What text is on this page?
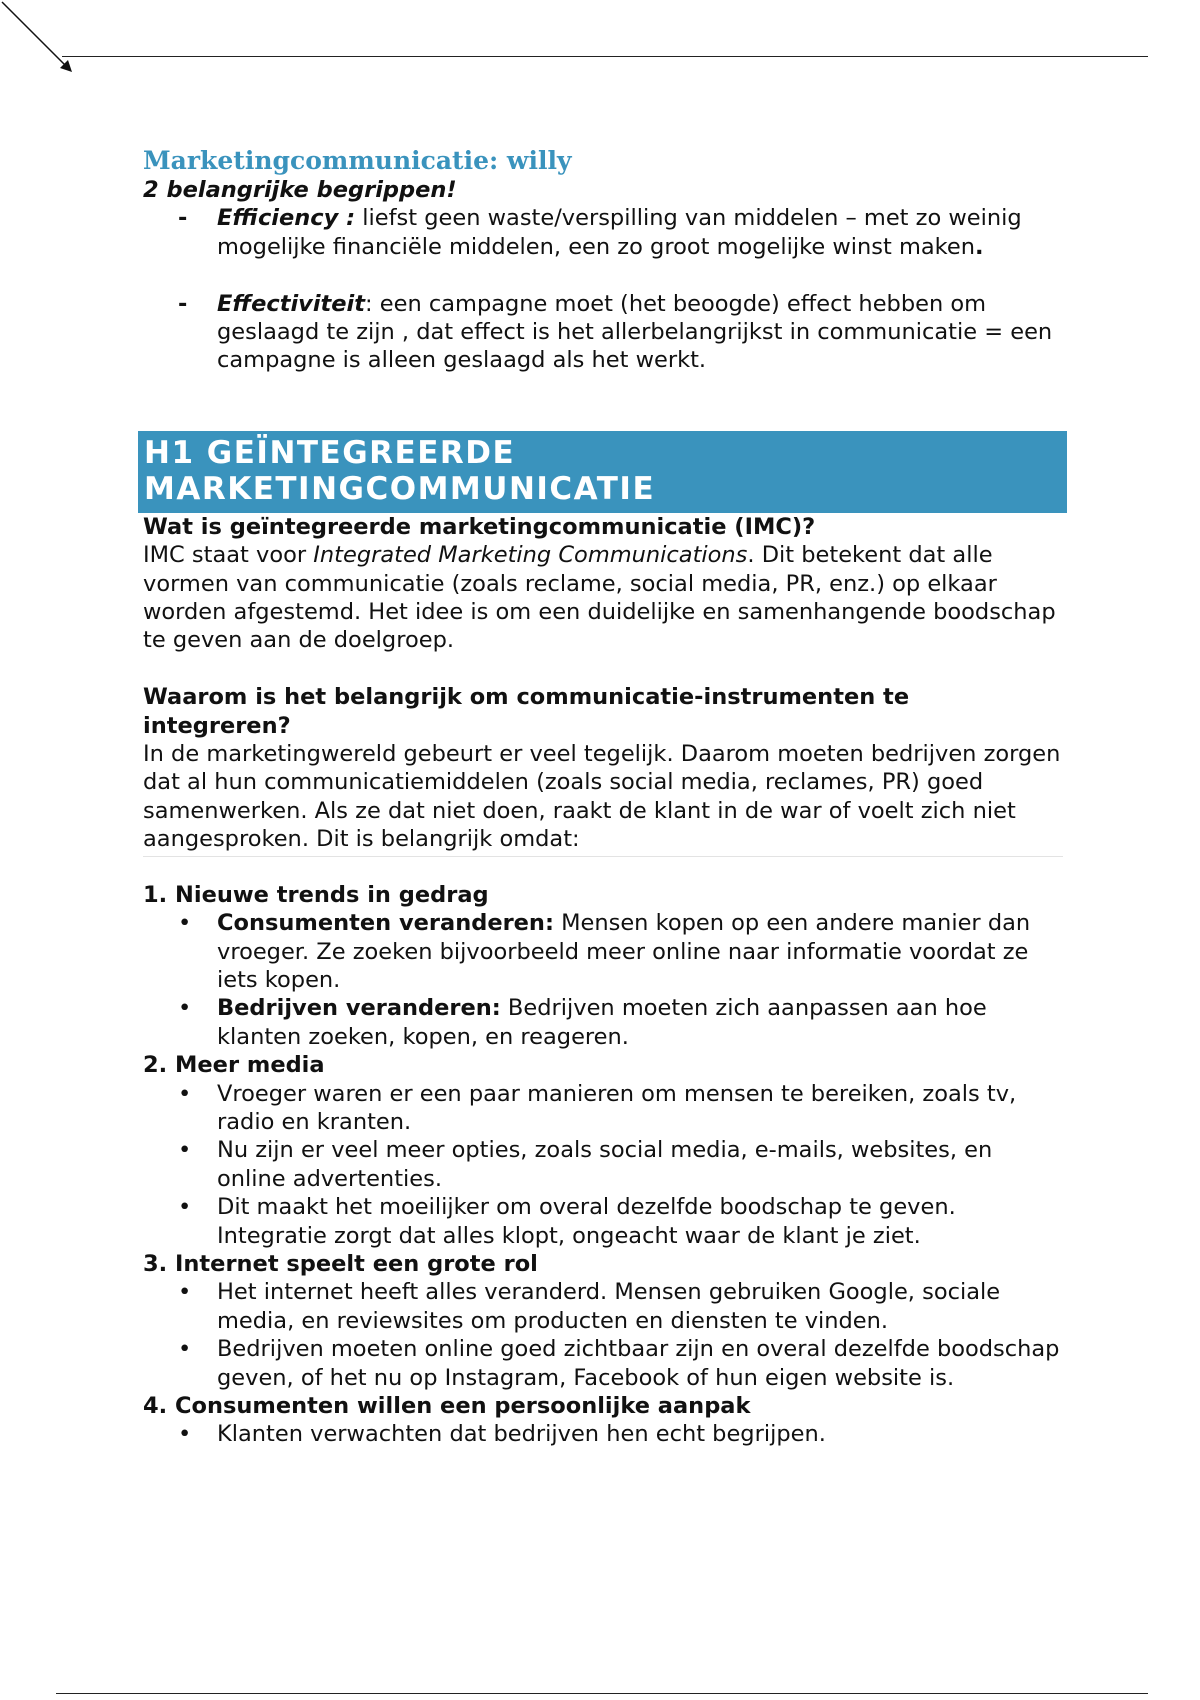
Marketingcommunicatie: willy
2 belangrijke begrippen!
- Efficiency : liefst geen waste/verspilling van middelen – met zo weinig mogelijke financiële middelen, een zo groot mogelijke winst maken.
- Effectiviteit: een campagne moet (het beoogde) effect hebben om geslaagd te zijn , dat effect is het allerbelangrijkst in communicatie = een campagne is alleen geslaagd als het werkt.
H1 GEÏNTEGREERDE
MARKETINGCOMMUNICATIE
Wat is geïntegreerde marketingcommunicatie (IMC)?
IMC staat voor Integrated Marketing Communications. Dit betekent dat alle vormen van communicatie (zoals reclame, social media, PR, enz.) op elkaar worden afgestemd. Het idee is om een duidelijke en samenhangende boodschap te geven aan de doelgroep.
Waarom is het belangrijk om communicatie-instrumenten te integreren?
In de marketingwereld gebeurt er veel tegelijk. Daarom moeten bedrijven zorgen dat al hun communicatiemiddelen (zoals social media, reclames, PR) goed samenwerken. Als ze dat niet doen, raakt de klant in de war of voelt zich niet aangesproken. Dit is belangrijk omdat:
1. Nieuwe trends in gedrag
• Consumenten veranderen: Mensen kopen op een andere manier dan vroeger. Ze zoeken bijvoorbeeld meer online naar informatie voordat ze iets kopen.
• Bedrijven veranderen: Bedrijven moeten zich aanpassen aan hoe klanten zoeken, kopen, en reageren.
2. Meer media
• Vroeger waren er een paar manieren om mensen te bereiken, zoals tv, radio en kranten.
• Nu zijn er veel meer opties, zoals social media, e-mails, websites, en online advertenties.
• Dit maakt het moeilijker om overal dezelfde boodschap te geven. Integratie zorgt dat alles klopt, ongeacht waar de klant je ziet.
3. Internet speelt een grote rol
• Het internet heeft alles veranderd. Mensen gebruiken Google, sociale media, en reviewsites om producten en diensten te vinden.
• Bedrijven moeten online goed zichtbaar zijn en overal dezelfde boodschap geven, of het nu op Instagram, Facebook of hun eigen website is.
4. Consumenten willen een persoonlijke aanpak
• Klanten verwachten dat bedrijven hen echt begrijpen.
